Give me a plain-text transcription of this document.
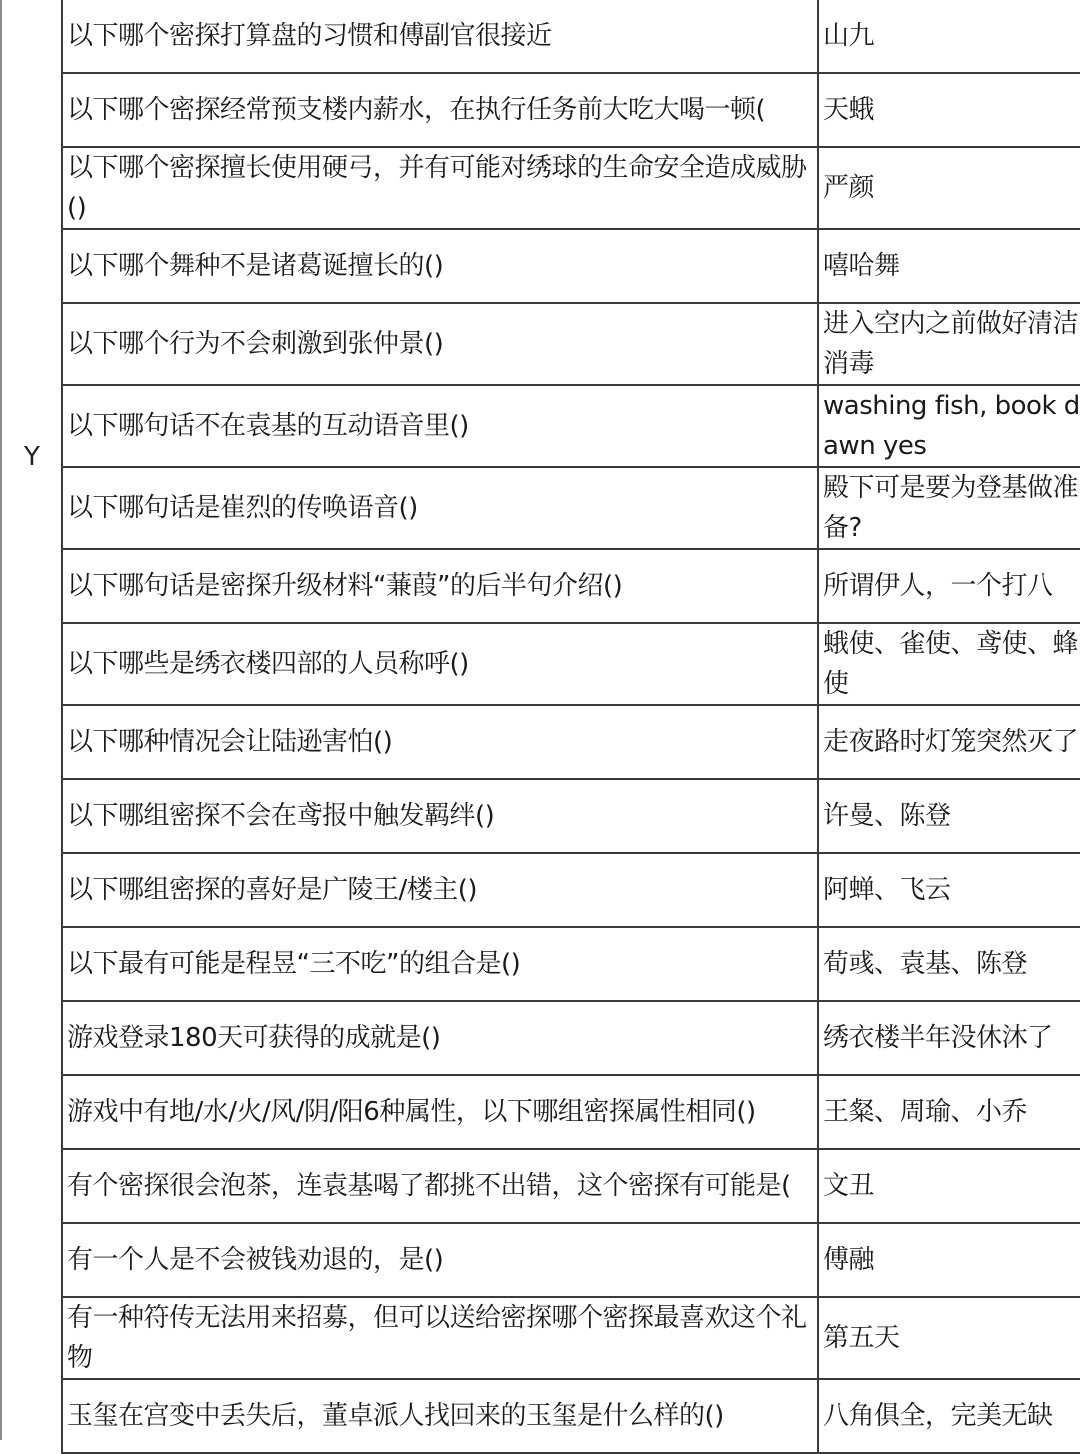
Y
以下哪个密探打算盘的习惯和傅副官很接近	山九

以下哪个密探经常预支楼内薪水，在执行任务前大吃大喝一顿(	天蛾

以下哪个密探擅长使用硬弓，并有可能对绣球的生命安全造成威胁()	严颜

以下哪个舞种不是诸葛诞擅长的()	嘻哈舞

以下哪个行为不会刺激到张仲景()	进入空内之前做好清洁消毒

以下哪句话不在袁基的互动语音里()	washing fish, book dawn yes

以下哪句话是崔烈的传唤语音()	殿下可是要为登基做准备?

以下哪句话是密探升级材料“蒹葭”的后半句介绍()	所谓伊人，一个打八

以下哪些是绣衣楼四部的人员称呼()	蛾使、雀使、鸢使、蜂使

以下哪种情况会让陆逊害怕()	走夜路时灯笼突然灭了

以下哪组密探不会在鸢报中触发羁绊()	许曼、陈登

以下哪组密探的喜好是广陵王/楼主()	阿蝉、飞云

以下最有可能是程昱“三不吃”的组合是()	荀彧、袁基、陈登

游戏登录180天可获得的成就是()	绣衣楼半年没休沐了

游戏中有地/水/火/风/阴/阳6种属性，以下哪组密探属性相同()	王粲、周瑜、小乔

有个密探很会泡茶，连袁基喝了都挑不出错，这个密探有可能是(	文丑

有一个人是不会被钱劝退的，是()	傅融

有一种符传无法用来招募，但可以送给密探哪个密探最喜欢这个礼物	第五天

玉玺在宫变中丢失后，董卓派人找回来的玉玺是什么样的()	八角俱全，完美无缺
